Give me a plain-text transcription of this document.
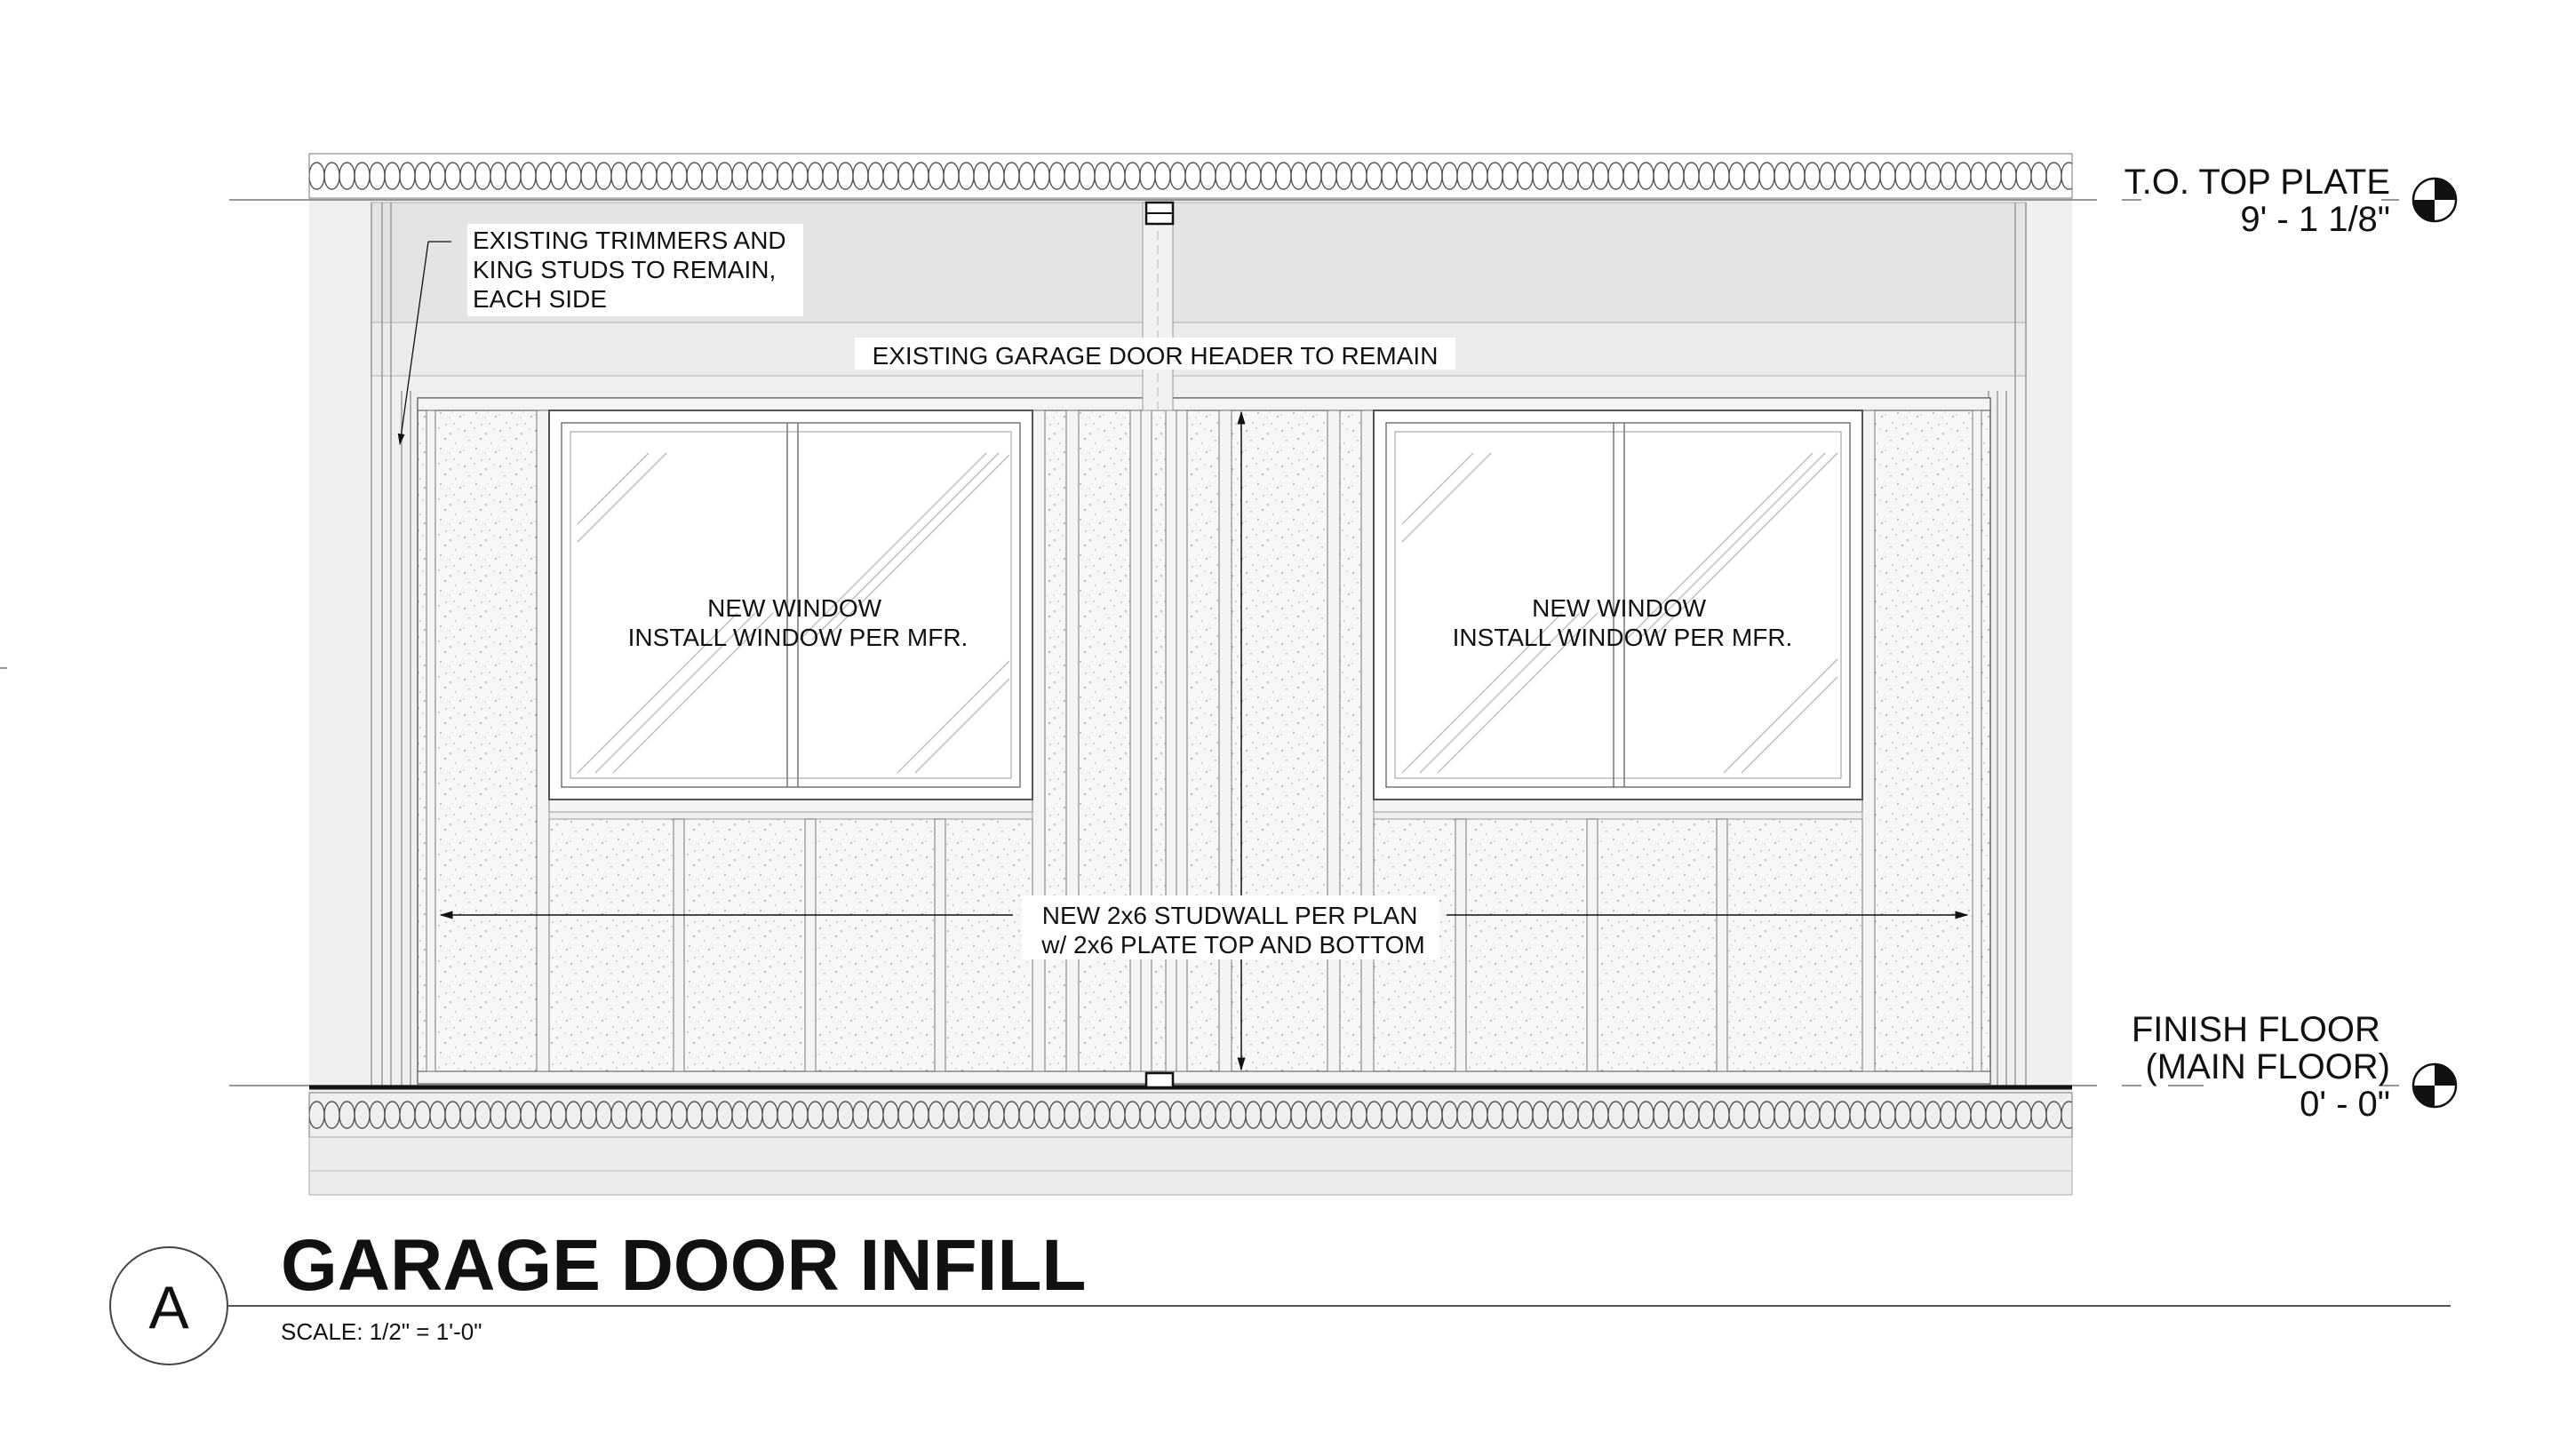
EXISTING TRIMMERS AND KING STUDS TO REMAIN, EACH SIDE
EXISTING GARAGE DOOR HEADER TO REMAIN
NEW WINDOW INSTALL WINDOW PER MFR.
NEW WINDOW INSTALL WINDOW PER MFR.
NEW 2x6 STUDWALL PER PLAN w/ 2x6 PLATE TOP AND BOTTOM
T.O. TOP PLATE
9' - 1 1/8"
FINISH FLOOR (MAIN FLOOR)
0' - 0"
A
GARAGE DOOR INFILL
SCALE: 1/2" = 1'-0"
